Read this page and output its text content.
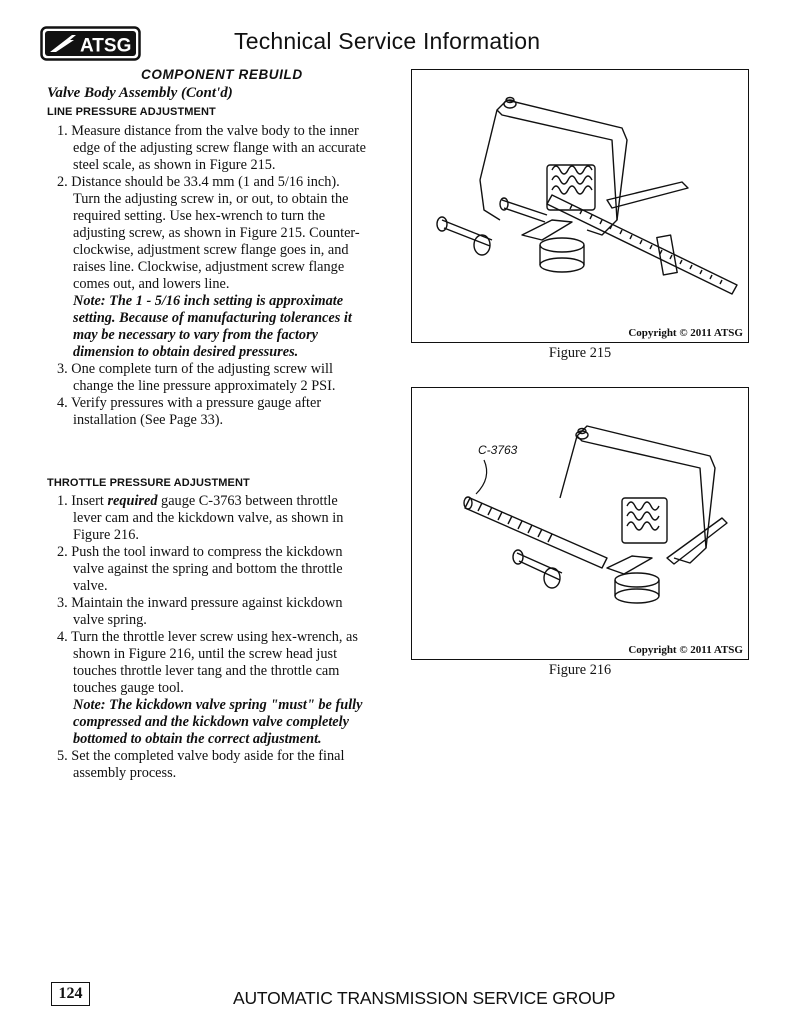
ATSG	Technical Service Information
COMPONENT REBUILD
Valve Body Assembly (Cont'd)
LINE PRESSURE ADJUSTMENT
1. Measure distance from the valve body to the inner edge of the adjusting screw flange with an accurate steel scale, as shown in Figure 215.
2. Distance should be 33.4 mm (1 and 5/16 inch). Turn the adjusting screw in, or out, to obtain the required setting. Use hex-wrench to turn the adjusting screw, as shown in Figure 215. Counter-clockwise, adjustment screw flange goes in, and raises line. Clockwise, adjustment screw flange comes out, and lowers line.
Note: The 1 - 5/16 inch setting is approximate setting. Because of manufacturing tolerances it may be necessary to vary from the factory dimension to obtain desired pressures.
3. One complete turn of the adjusting screw will change the line pressure approximately 2 PSI.
4. Verify pressures with a pressure gauge after installation (See Page 33).
THROTTLE PRESSURE ADJUSTMENT
1. Insert required gauge C-3763 between throttle lever cam and the kickdown valve, as shown in Figure 216.
2. Push the tool inward to compress the kickdown valve against the spring and bottom the throttle valve.
3. Maintain the inward pressure against kickdown valve spring.
4. Turn the throttle lever screw using hex-wrench, as shown in Figure 216, until the screw head just touches throttle lever tang and the throttle cam touches gauge tool.
Note: The kickdown valve spring "must" be fully compressed and the kickdown valve completely bottomed to obtain the correct adjustment.
5. Set the completed valve body aside for the final assembly process.
Copyright © 2011 ATSG
Figure 215
C-3763
Copyright © 2011 ATSG
Figure 216
124	AUTOMATIC TRANSMISSION SERVICE GROUP
